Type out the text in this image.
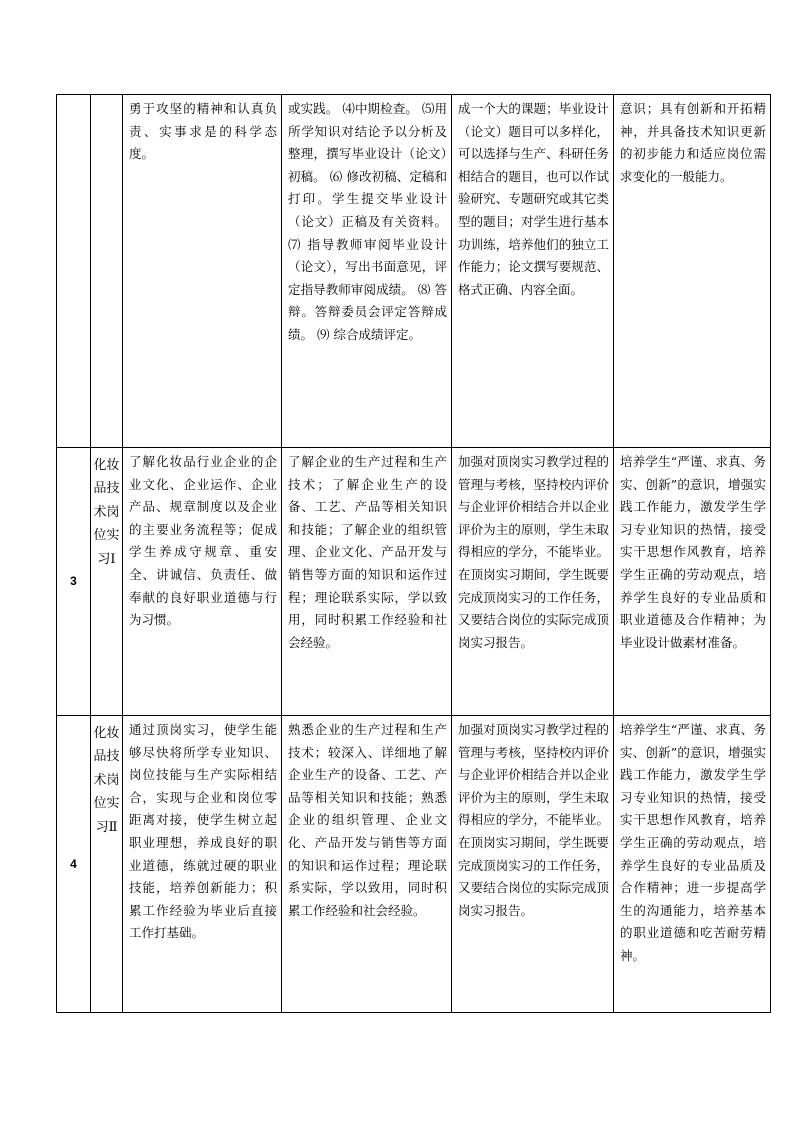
		勇于攻坚的精神和认真负责、实事求是的科学态度。	或实践。 ⑷中期检查。 ⑸用所学知识对结论予以分析及整理，撰写毕业设计（论文）初稿。 ⑹ 修改初稿、定稿和打印。学生提交毕业设计（论文）正稿及有关资料。 ⑺ 指导教师审阅毕业设计（论文），写出书面意见，评定指导教师审阅成绩。 ⑻ 答辩。答辩委员会评定答辩成绩。 ⑼ 综合成绩评定。	成一个大的课题；毕业设计（论文）题目可以多样化，可以选择与生产、科研任务相结合的题目，也可以作试验研究、专题研究或其它类型的题目；对学生进行基本功训练，培养他们的独立工作能力；论文撰写要规范、格式正确、内容全面。	意识；具有创新和开拓精神，并具备技术知识更新的初步能力和适应岗位需求变化的一般能力。
3	化妆品技术岗位实习Ⅰ	了解化妆品行业企业的企业文化、企业运作、企业产品、规章制度以及企业的主要业务流程等；促成学生养成守规章、重安全、讲诚信、负责任、做奉献的良好职业道德与行为习惯。	了解企业的生产过程和生产技术；了解企业生产的设备、工艺、产品等相关知识和技能；了解企业的组织管理、企业文化、产品开发与销售等方面的知识和运作过程；理论联系实际，学以致用，同时积累工作经验和社会经验。	加强对顶岗实习教学过程的管理与考核，坚持校内评价与企业评价相结合并以企业评价为主的原则，学生未取得相应的学分，不能毕业。在顶岗实习期间，学生既要完成顶岗实习的工作任务，又要结合岗位的实际完成顶岗实习报告。	培养学生“严谨、求真、务实、创新”的意识，增强实践工作能力，激发学生学习专业知识的热情，接受实干思想作风教育，培养学生正确的劳动观点，培养学生良好的专业品质和职业道德及合作精神；为毕业设计做素材准备。
4	化妆品技术岗位实习Ⅱ	通过顶岗实习，使学生能够尽快将所学专业知识、岗位技能与生产实际相结合，实现与企业和岗位零距离对接，使学生树立起职业理想，养成良好的职业道德，练就过硬的职业技能，培养创新能力；积累工作经验为毕业后直接工作打基础。	熟悉企业的生产过程和生产技术；较深入、详细地了解企业生产的设备、工艺、产品等相关知识和技能；熟悉企业的组织管理、企业文化、产品开发与销售等方面的知识和运作过程；理论联系实际，学以致用，同时积累工作经验和社会经验。	加强对顶岗实习教学过程的管理与考核，坚持校内评价与企业评价相结合并以企业评价为主的原则，学生未取得相应的学分，不能毕业。在顶岗实习期间，学生既要完成顶岗实习的工作任务，又要结合岗位的实际完成顶岗实习报告。	培养学生“严谨、求真、务实、创新”的意识，增强实践工作能力，激发学生学习专业知识的热情，接受实干思想作风教育，培养学生正确的劳动观点，培养学生良好的专业品质及合作精神；进一步提高学生的沟通能力，培养基本的职业道德和吃苦耐劳精神。
